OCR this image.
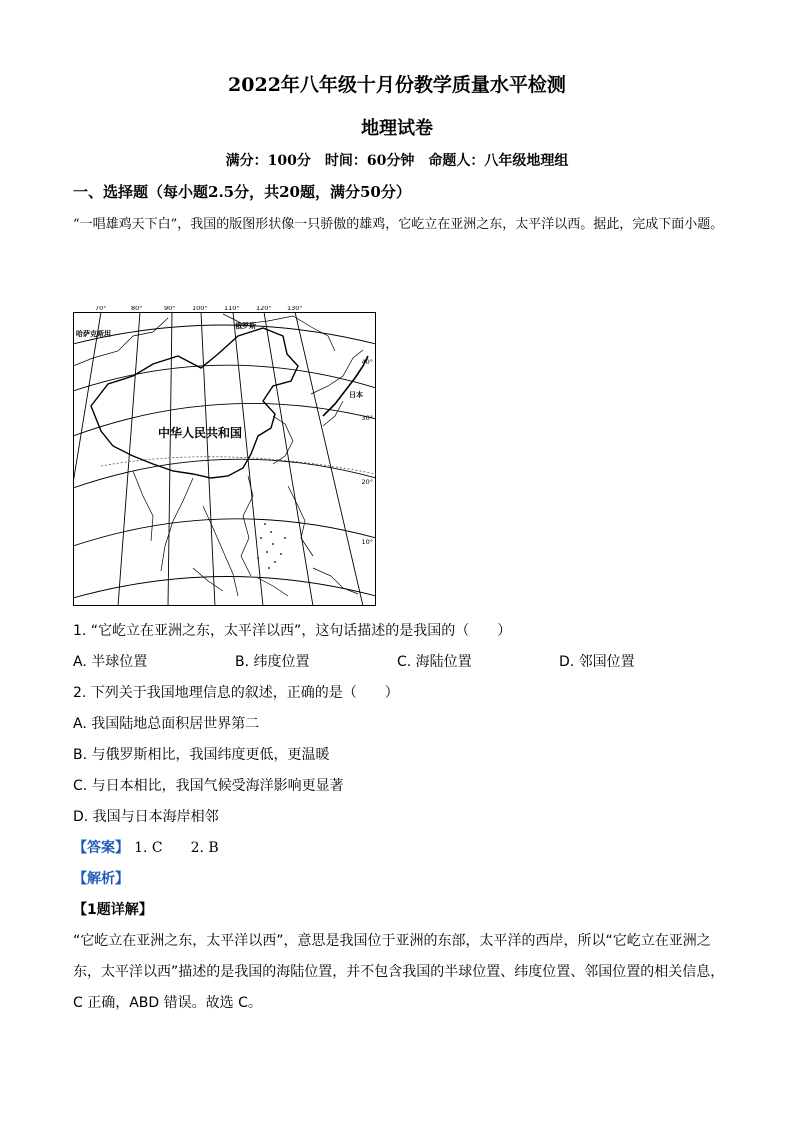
2022年八年级十月份教学质量水平检测
地理试卷
满分：100分　时间：60分钟　命题人：八年级地理组
一、选择题（每小题2.5分，共20题，满分50分）
“一唱雄鸡天下白”，我国的版图形状像一只骄傲的雄鸡，它屹立在亚洲之东，太平洋以西。据此，完成下面小题。
70°	80°	90°	100°	110°	120° 130°
40°
30°
20°
10°
哈萨克斯坦
俄罗斯
中华人民共和国
日本
1. “它屹立在亚洲之东，太平洋以西”，这句话描述的是我国的（　　）
A. 半球位置	B. 纬度位置	C. 海陆位置	D. 邻国位置
2. 下列关于我国地理信息的叙述，正确的是（　　）
A. 我国陆地总面积居世界第二
B. 与俄罗斯相比，我国纬度更低，更温暖
C. 与日本相比，我国气候受海洋影响更显著
D. 我国与日本海岸相邻
【答案】 1. C　　2. B
【解析】
【1题详解】
“它屹立在亚洲之东，太平洋以西”，意思是我国位于亚洲的东部，太平洋的西岸，所以“它屹立在亚洲之东，太平洋以西”描述的是我国的海陆位置，并不包含我国的半球位置、纬度位置、邻国位置的相关信息，C 正确，ABD 错误。故选 C。
